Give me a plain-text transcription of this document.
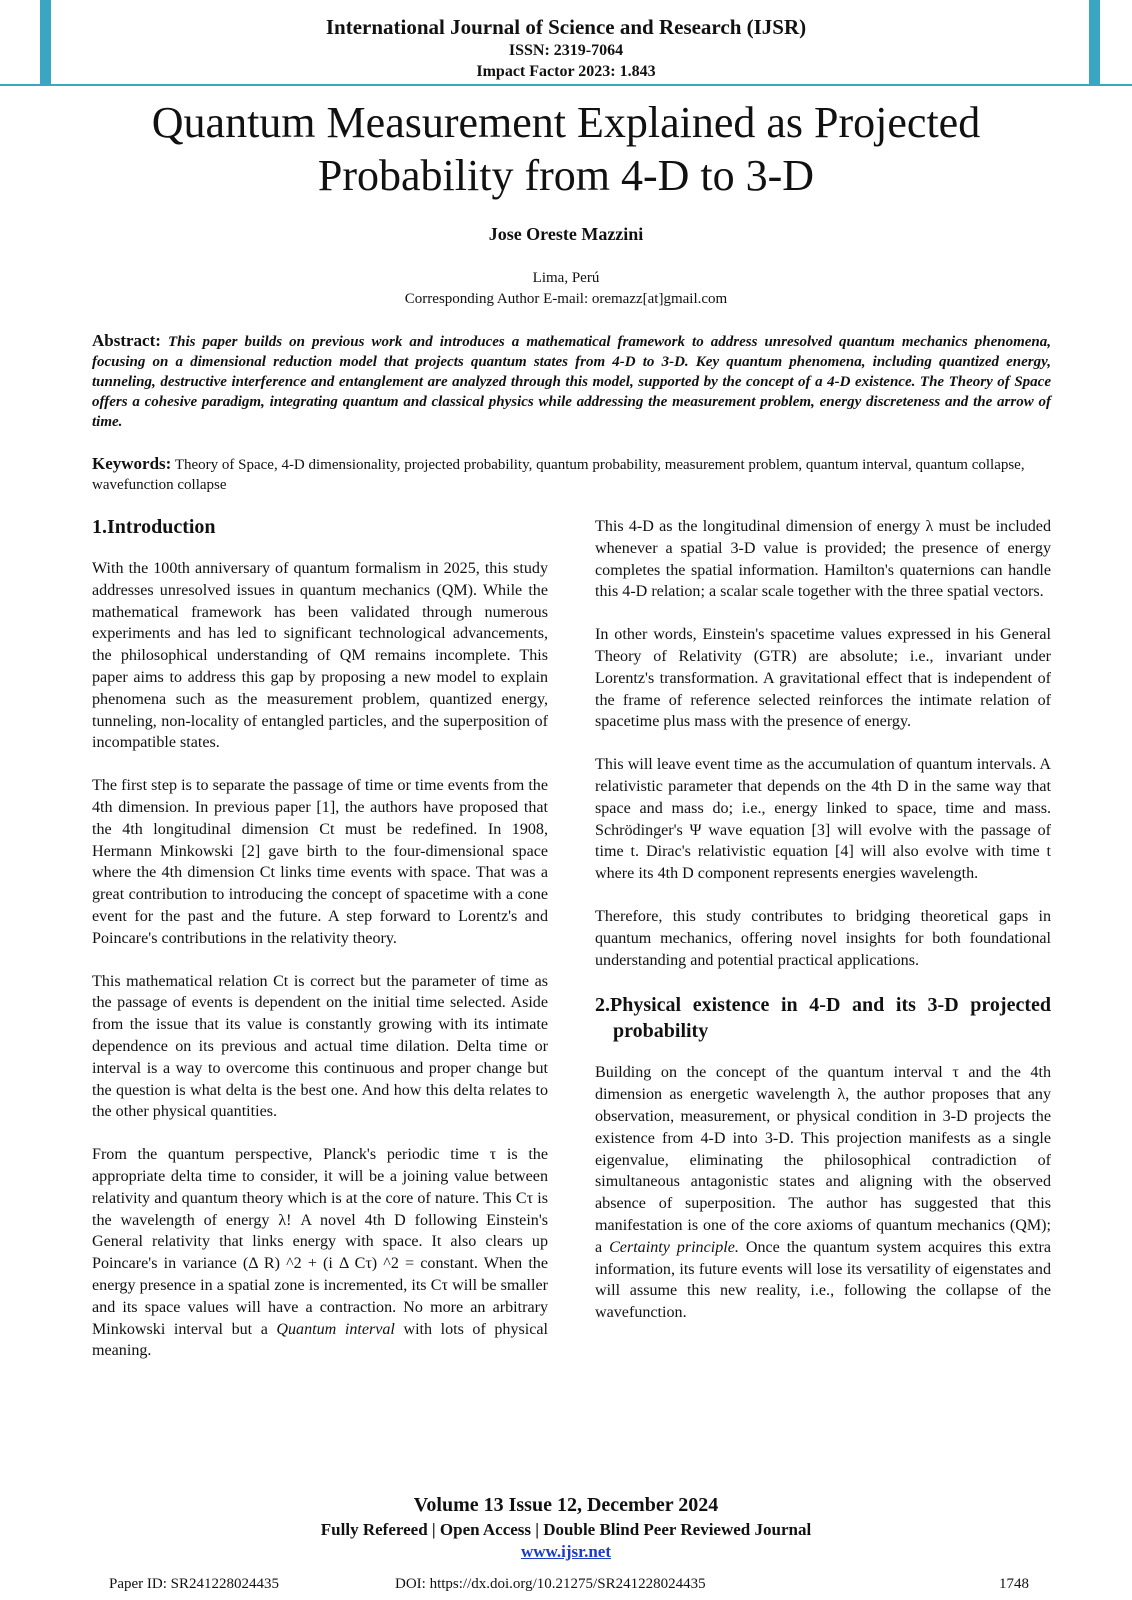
International Journal of Science and Research (IJSR)
ISSN: 2319-7064
Impact Factor 2023: 1.843
Quantum Measurement Explained as Projected Probability from 4-D to 3-D
Jose Oreste Mazzini
Lima, Perú
Corresponding Author E-mail: oremazz[at]gmail.com
Abstract: This paper builds on previous work and introduces a mathematical framework to address unresolved quantum mechanics phenomena, focusing on a dimensional reduction model that projects quantum states from 4-D to 3-D. Key quantum phenomena, including quantized energy, tunneling, destructive interference and entanglement are analyzed through this model, supported by the concept of a 4-D existence. The Theory of Space offers a cohesive paradigm, integrating quantum and classical physics while addressing the measurement problem, energy discreteness and the arrow of time.
Keywords: Theory of Space, 4-D dimensionality, projected probability, quantum probability, measurement problem, quantum interval, quantum collapse, wavefunction collapse
1.Introduction

With the 100th anniversary of quantum formalism in 2025, this study addresses unresolved issues in quantum mechanics (QM). While the mathematical framework has been validated through numerous experiments and has led to significant technological advancements, the philosophical understanding of QM remains incomplete. This paper aims to address this gap by proposing a new model to explain phenomena such as the measurement problem, quantized energy, tunneling, non-locality of entangled particles, and the superposition of incompatible states.

The first step is to separate the passage of time or time events from the 4th dimension. In previous paper [1], the authors have proposed that the 4th longitudinal dimension Ct must be redefined. In 1908, Hermann Minkowski [2] gave birth to the four-dimensional space where the 4th dimension Ct links time events with space. That was a great contribution to introducing the concept of spacetime with a cone event for the past and the future. A step forward to Lorentz's and Poincare's contributions in the relativity theory.

This mathematical relation Ct is correct but the parameter of time as the passage of events is dependent on the initial time selected. Aside from the issue that its value is constantly growing with its intimate dependence on its previous and actual time dilation. Delta time or interval is a way to overcome this continuous and proper change but the question is what delta is the best one. And how this delta relates to the other physical quantities.

From the quantum perspective, Planck's periodic time τ is the appropriate delta time to consider, it will be a joining value between relativity and quantum theory which is at the core of nature. This Cτ is the wavelength of energy λ! A novel 4th D following Einstein's General relativity that links energy with space. It also clears up Poincare's in variance (Δ R) ^2 + (i Δ Cτ) ^2 = constant. When the energy presence in a spatial zone is incremented, its Cτ will be smaller and its space values will have a contraction. No more an arbitrary Minkowski interval but a Quantum interval with lots of physical meaning.

This 4-D as the longitudinal dimension of energy λ must be included whenever a spatial 3-D value is provided; the presence of energy completes the spatial information. Hamilton's quaternions can handle this 4-D relation; a scalar scale together with the three spatial vectors.

In other words, Einstein's spacetime values expressed in his General Theory of Relativity (GTR) are absolute; i.e., invariant under Lorentz's transformation. A gravitational effect that is independent of the frame of reference selected reinforces the intimate relation of spacetime plus mass with the presence of energy.

This will leave event time as the accumulation of quantum intervals. A relativistic parameter that depends on the 4th D in the same way that space and mass do; i.e., energy linked to space, time and mass. Schrödinger's Ψ wave equation [3] will evolve with the passage of time t. Dirac's relativistic equation [4] will also evolve with time t where its 4th D component represents energies wavelength.

Therefore, this study contributes to bridging theoretical gaps in quantum mechanics, offering novel insights for both foundational understanding and potential practical applications.

2.Physical existence in 4-D and its 3-D projected probability

Building on the concept of the quantum interval τ and the 4th dimension as energetic wavelength λ, the author proposes that any observation, measurement, or physical condition in 3-D projects the existence from 4-D into 3-D. This projection manifests as a single eigenvalue, eliminating the philosophical contradiction of simultaneous antagonistic states and aligning with the observed absence of superposition. The author has suggested that this manifestation is one of the core axioms of quantum mechanics (QM); a Certainty principle. Once the quantum system acquires this extra information, its future events will lose its versatility of eigenstates and will assume this new reality, i.e., following the collapse of the wavefunction.

Volume 13 Issue 12, December 2024
Fully Refereed | Open Access | Double Blind Peer Reviewed Journal
www.ijsr.net
Paper ID: SR241228024435	DOI: https://dx.doi.org/10.21275/SR241228024435	1748
